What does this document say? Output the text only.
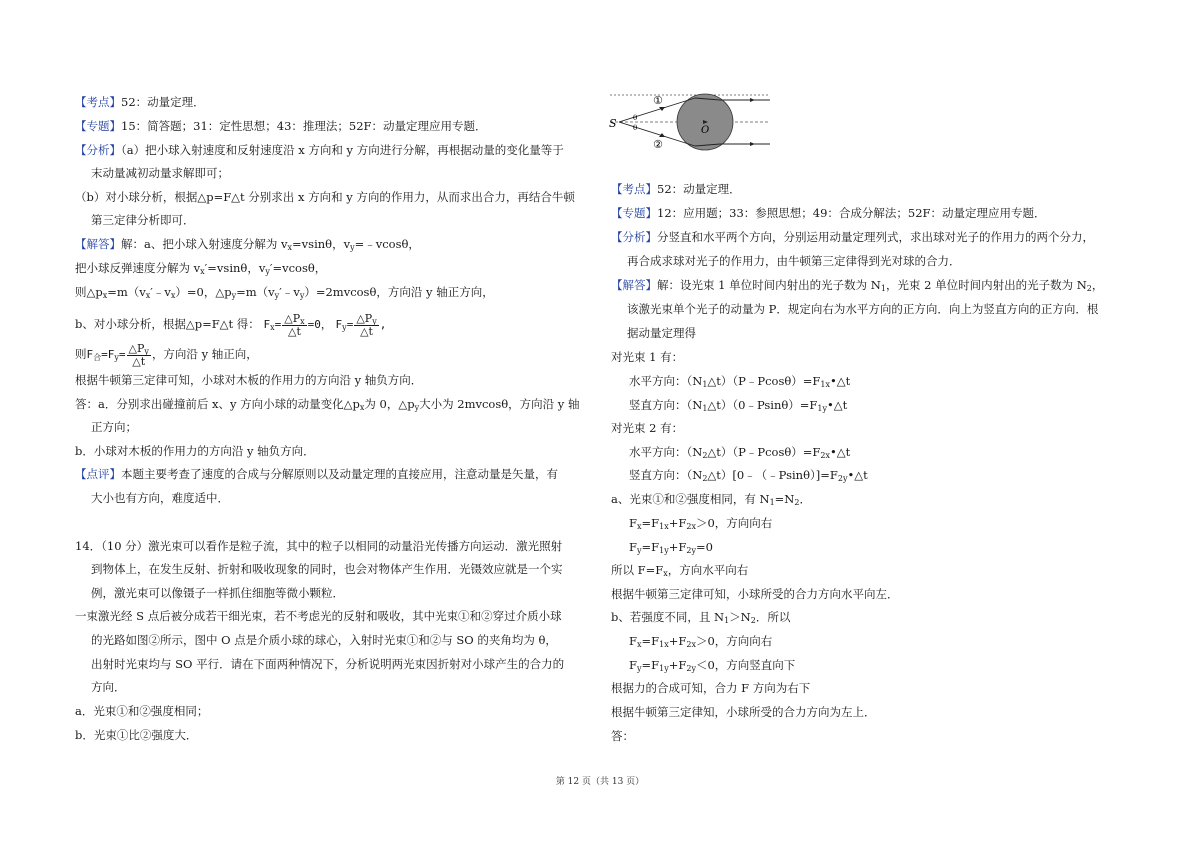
【考点】52：动量定理．
【专题】15：简答题；31：定性思想；43：推理法；52F：动量定理应用专题．
【分析】（a）把小球入射速度和反射速度沿 x 方向和 y 方向进行分解，再根据动量的变化量等于
末动量减初动量求解即可；
（b）对小球分析，根据△p=F△t 分别求出 x 方向和 y 方向的作用力，从而求出合力，再结合牛顿
第三定律分析即可．
【解答】解：a、把小球入射速度分解为 $v_x=vsin\theta$，$v_y=﹣vcos\theta$，
把小球反弹速度分解为 $v_x'=vsin\theta$，$v_y'=vcos\theta$，
则$\triangle p_x=m(v_x'﹣v_x)=0$，$\triangle p_y=m(v_y'﹣v_y)=2mvcos\theta$，方向沿 y 轴正方向，
b、对小球分析，根据△p=F△t 得： $F_x= \frac{\triangle P_x}{\triangle t} =0$， $F_y= \frac{\triangle P_y}{\triangle t}$ ,
则$F_合=F_y= \frac{\triangle P_y}{\triangle t}$ ，方向沿 y 轴正向，
根据牛顿第三定律可知，小球对木板的作用力的方向沿 y 轴负方向．
答：a．分别求出碰撞前后 x、y 方向小球的动量变化$\triangle p_x$为 0，$\triangle p_y$大小为 2mvcosθ，方向沿 y 轴
正方向；
b．小球对木板的作用力的方向沿 y 轴负方向．
【点评】本题主要考查了速度的合成与分解原则以及动量定理的直接应用，注意动量是矢量，有
大小也有方向，难度适中．
14．（10 分）激光束可以看作是粒子流，其中的粒子以相同的动量沿光传播方向运动．激光照射
到物体上，在发生反射、折射和吸收现象的同时，也会对物体产生作用．光镊效应就是一个实
例，激光束可以像镊子一样抓住细胞等微小颗粒．
一束激光经 S 点后被分成若干细光束，若不考虑光的反射和吸收，其中光束①和②穿过介质小球
的光路如图②所示，图中 O 点是介质小球的球心，入射时光束①和②与 SO 的夹角均为 θ，
出射时光束均与 SO 平行．请在下面两种情况下，分析说明两光束因折射对小球产生的合力的
方向．
a．光束①和②强度相同；
b．光束①比②强度大．
S
O
①
②
θ
θ
【考点】52：动量定理．
【专题】12：应用题；33：参照思想；49：合成分解法；52F：动量定理应用专题．
【分析】分竖直和水平两个方向，分别运用动量定理列式，求出球对光子的作用力的两个分力，
再合成求球对光子的作用力，由牛顿第三定律得到光对球的合力．
【解答】解：设光束 1 单位时间内射出的光子数为 $N_1$，光束 2 单位时间内射出的光子数为 $N_2$，
该激光束单个光子的动量为 P．规定向右为水平方向的正方向．向上为竖直方向的正方向．根
据动量定理得
对光束 1 有：
水平方向：$(N_1\triangle t)(P﹣Pcos\theta)=F_{1x}•\triangle t$
竖直方向：$(N_1\triangle t)(0﹣Psin\theta)=F_{1y}•\triangle t$
对光束 2 有：
水平方向：$(N_2\triangle t)(P﹣Pcos\theta)=F_{2x}•\triangle t$
竖直方向：$(N_2\triangle t)[0﹣(﹣Psin\theta)]=F_{2y}•\triangle t$
a、光束①和②强度相同，有 $N_1=N_2$．
$F_x=F_{1x}+F_{2x}>0$，方向向右
$F_y=F_{1y}+F_{2y}=0$
所以 $F=F_x$，方向水平向右
根据牛顿第三定律可知，小球所受的合力方向水平向左．
b、若强度不同，且 $N_1>N_2$．所以
$F_x=F_{1x}+F_{2x}>0$，方向向右
$F_y=F_{1y}+F_{2y}<0$，方向竖直向下
根据力的合成可知，合力 F 方向为右下
根据牛顿第三定律知，小球所受的合力方向为左上．
答：
第 12 页（共 13 页）
